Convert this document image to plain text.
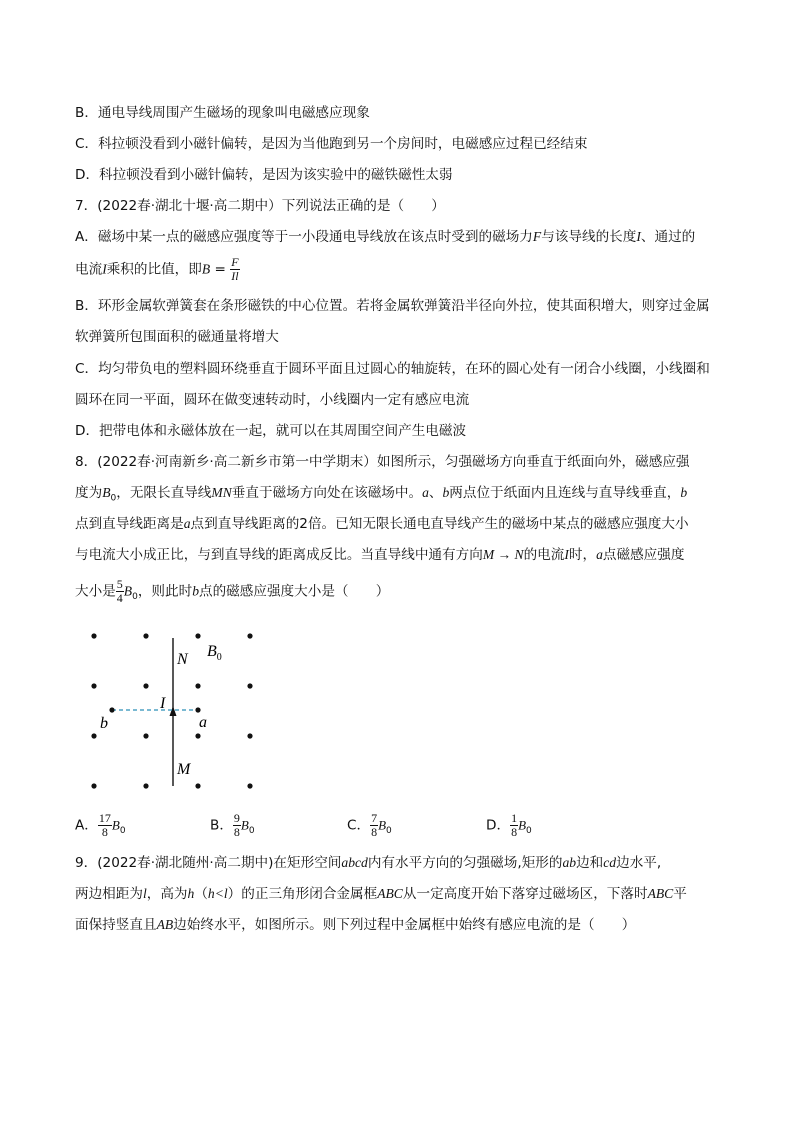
B．通电导线周围产生磁场的现象叫电磁感应现象
C．科拉顿没看到小磁针偏转，是因为当他跑到另一个房间时，电磁感应过程已经结束
D．科拉顿没看到小磁针偏转，是因为该实验中的磁铁磁性太弱
7．(2022春·湖北十堰·高二期中）下列说法正确的是（　　）
A．磁场中某一点的磁感应强度等于一小段通电导线放在该点时受到的磁场力F与该导线的长度I、通过的
电流I乘积的比值，即$B = \frac{F}{Il}$
B．环形金属软弹簧套在条形磁铁的中心位置。若将金属软弹簧沿半径向外拉，使其面积增大，则穿过金属
软弹簧所包围面积的磁通量将增大
C．均匀带负电的塑料圆环绕垂直于圆环平面且过圆心的轴旋转，在环的圆心处有一闭合小线圈，小线圈和
圆环在同一平面，圆环在做变速转动时，小线圈内一定有感应电流
D．把带电体和永磁体放在一起，就可以在其周围空间产生电磁波
8．(2022春·河南新乡·高二新乡市第一中学期末）如图所示，匀强磁场方向垂直于纸面向外，磁感应强
度为$B_0$，无限长直导线MN垂直于磁场方向处在该磁场中。a、b两点位于纸面内且连线与直导线垂直，b
点到直导线距离是a点到直导线距离的2倍。已知无限长通电直导线产生的磁场中某点的磁感应强度大小
与电流大小成正比，与到直导线的距离成反比。当直导线中通有方向M → N的电流I时，a点磁感应强度
大小是 $\frac{5}{4} B_0$，则此时b点的磁感应强度大小是（　　）
N $B_0$
I
a
b
M
A． $\frac{17}{8} B_0$	B． $\frac{9}{8} B_0$	C． $\frac{7}{8} B_0$	D． $\frac{1}{8} B_0$
9．(2022春·湖北随州·高二期中)在矩形空间abcd内有水平方向的匀强磁场,矩形的ab边和cd边水平,
两边相距为l，高为h（h<l）的正三角形闭合金属框ABC从一定高度开始下落穿过磁场区，下落时ABC平
面保持竖直且AB边始终水平，如图所示。则下列过程中金属框中始终有感应电流的是（　　）
